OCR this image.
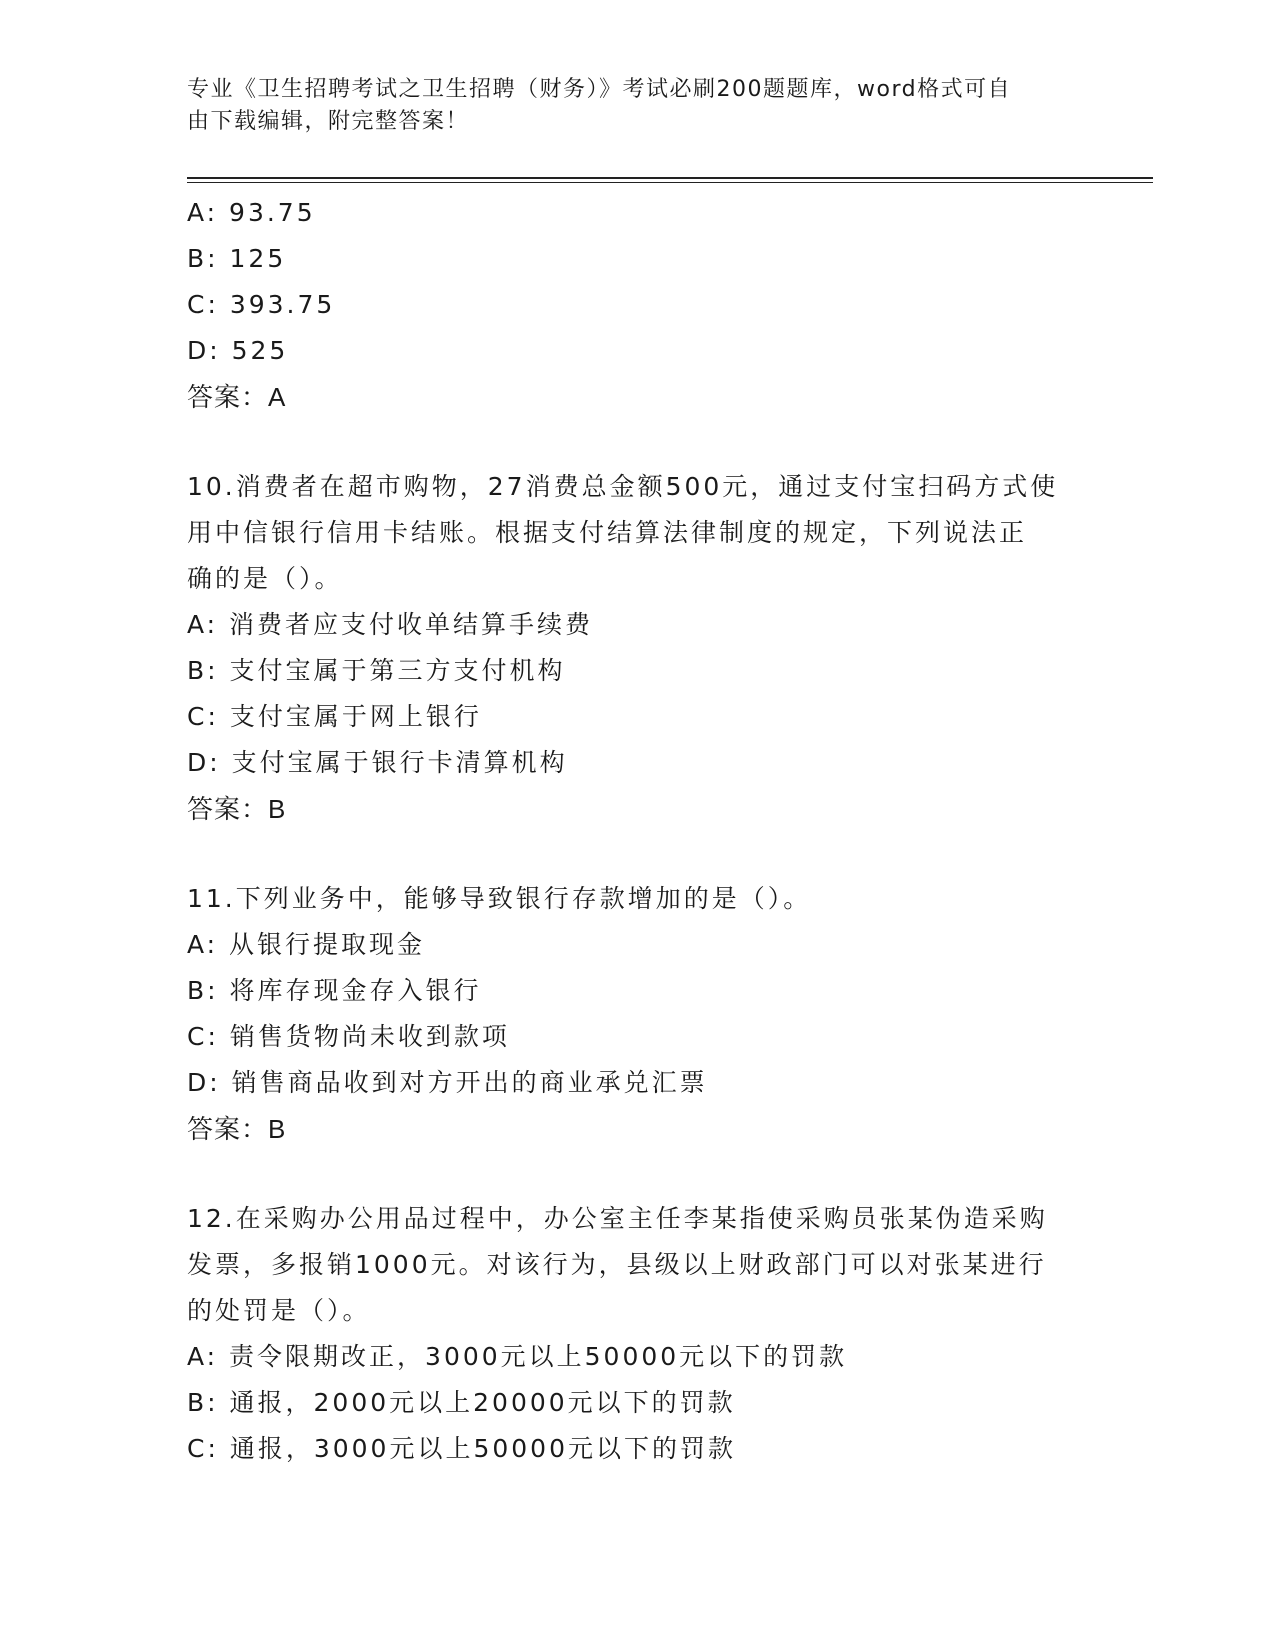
专业《卫生招聘考试之卫生招聘（财务）》考试必刷200题题库，word格式可自
由下载编辑，附完整答案！
A: 93.75
B: 125
C: 393.75
D: 525
答案：A
10.消费者在超市购物，27消费总金额500元，通过支付宝扫码方式使
用中信银行信用卡结账。根据支付结算法律制度的规定，下列说法正
确的是（）。
A: 消费者应支付收单结算手续费
B: 支付宝属于第三方支付机构
C: 支付宝属于网上银行
D: 支付宝属于银行卡清算机构
答案：B
11.下列业务中，能够导致银行存款增加的是（）。
A: 从银行提取现金
B: 将库存现金存入银行
C: 销售货物尚未收到款项
D: 销售商品收到对方开出的商业承兑汇票
答案：B
12.在采购办公用品过程中，办公室主任李某指使采购员张某伪造采购
发票，多报销1000元。对该行为，县级以上财政部门可以对张某进行
的处罚是（）。
A: 责令限期改正，3000元以上50000元以下的罚款
B: 通报，2000元以上20000元以下的罚款
C: 通报，3000元以上50000元以下的罚款
